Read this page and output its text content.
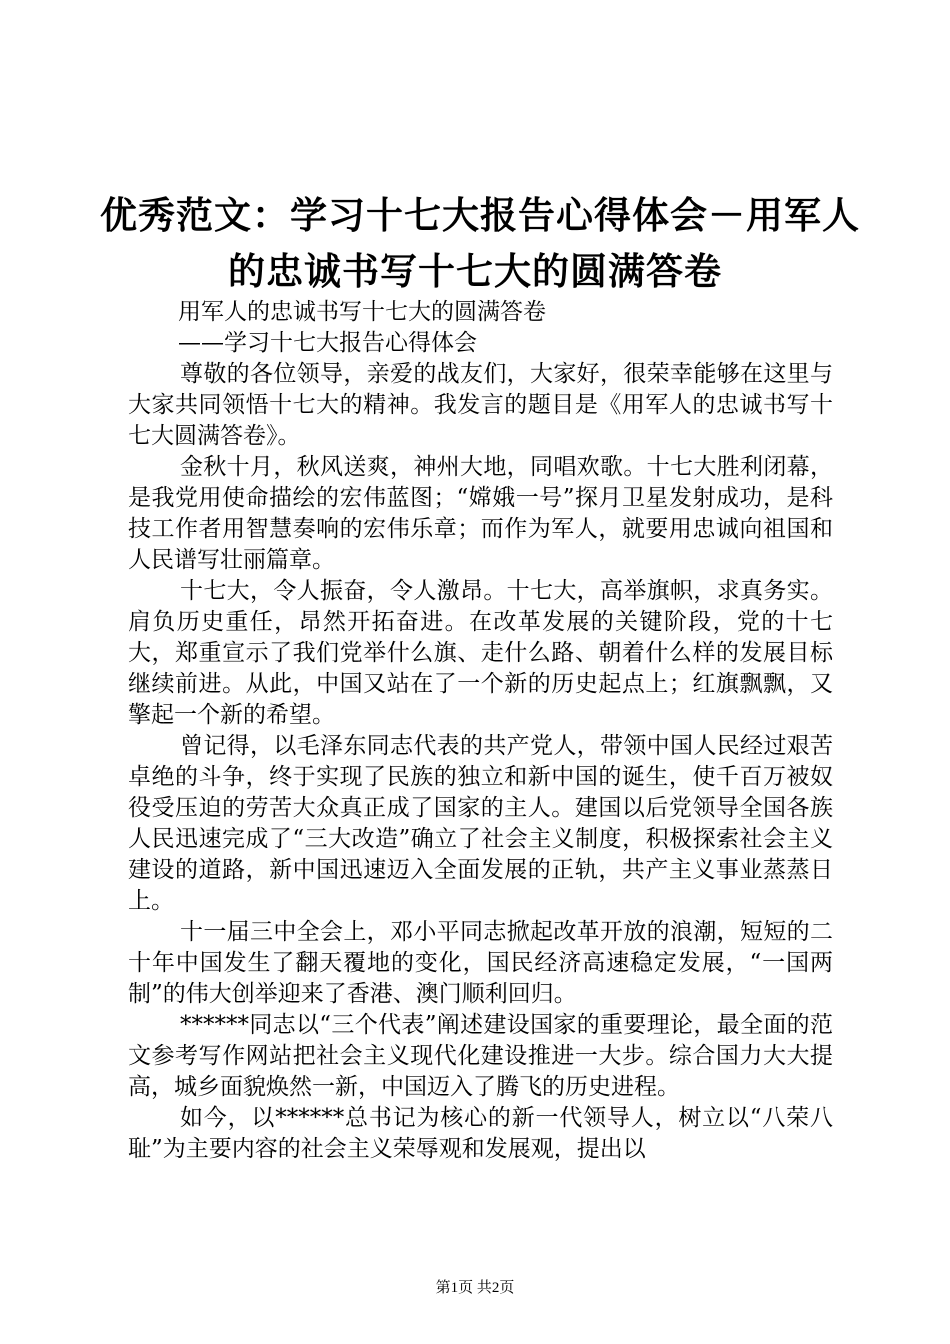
优秀范文：学习十七大报告心得体会－用军人
的忠诚书写十七大的圆满答卷

用军人的忠诚书写十七大的圆满答卷

——学习十七大报告心得体会

尊敬的各位领导，亲爱的战友们，大家好，很荣幸能够在这里与大家共同领悟十七大的精神。我发言的题目是《用军人的忠诚书写十七大圆满答卷》。

金秋十月，秋风送爽，神州大地，同唱欢歌。十七大胜利闭幕，是我党用使命描绘的宏伟蓝图；“嫦娥一号”探月卫星发射成功，是科技工作者用智慧奏响的宏伟乐章；而作为军人，就要用忠诚向祖国和人民谱写壮丽篇章。

十七大，令人振奋，令人激昂。十七大，高举旗帜，求真务实。肩负历史重任，昂然开拓奋进。在改革发展的关键阶段，党的十七大，郑重宣示了我们党举什么旗、走什么路、朝着什么样的发展目标继续前进。从此，中国又站在了一个新的历史起点上；红旗飘飘，又擎起一个新的希望。

曾记得，以毛泽东同志代表的共产党人，带领中国人民经过艰苦卓绝的斗争，终于实现了民族的独立和新中国的诞生，使千百万被奴役受压迫的劳苦大众真正成了国家的主人。建国以后党领导全国各族人民迅速完成了“三大改造”确立了社会主义制度，积极探索社会主义建设的道路，新中国迅速迈入全面发展的正轨，共产主义事业蒸蒸日上。

十一届三中全会上，邓小平同志掀起改革开放的浪潮，短短的二十年中国发生了翻天覆地的变化，国民经济高速稳定发展，“一国两制”的伟大创举迎来了香港、澳门顺利回归。

******同志以“三个代表”阐述建设国家的重要理论，最全面的范文参考写作网站把社会主义现代化建设推进一大步。综合国力大大提高，城乡面貌焕然一新，中国迈入了腾飞的历史进程。

如今，以******总书记为核心的新一代领导人，树立以“八荣八耻”为主要内容的社会主义荣辱观和发展观，提出以

第1页 共2页
